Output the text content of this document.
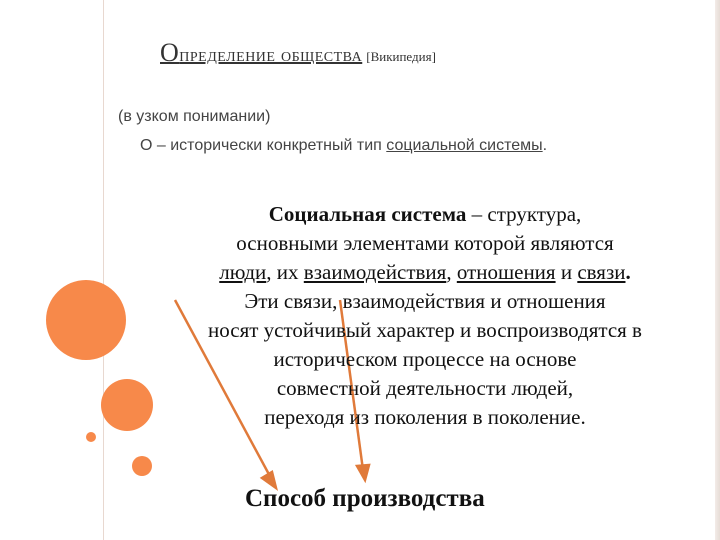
Определение общества [Википедия]
(в узком понимании)
О – исторически конкретный тип социальной системы.
Социальная система – структура,
основными элементами которой являются
люди, их взаимодействия, отношения и связи.
Эти связи, взаимодействия и отношения
носят устойчивый характер и воспроизводятся в
историческом процессе на основе
совместной деятельности людей,
переходя из поколения в поколение.
Способ производства
